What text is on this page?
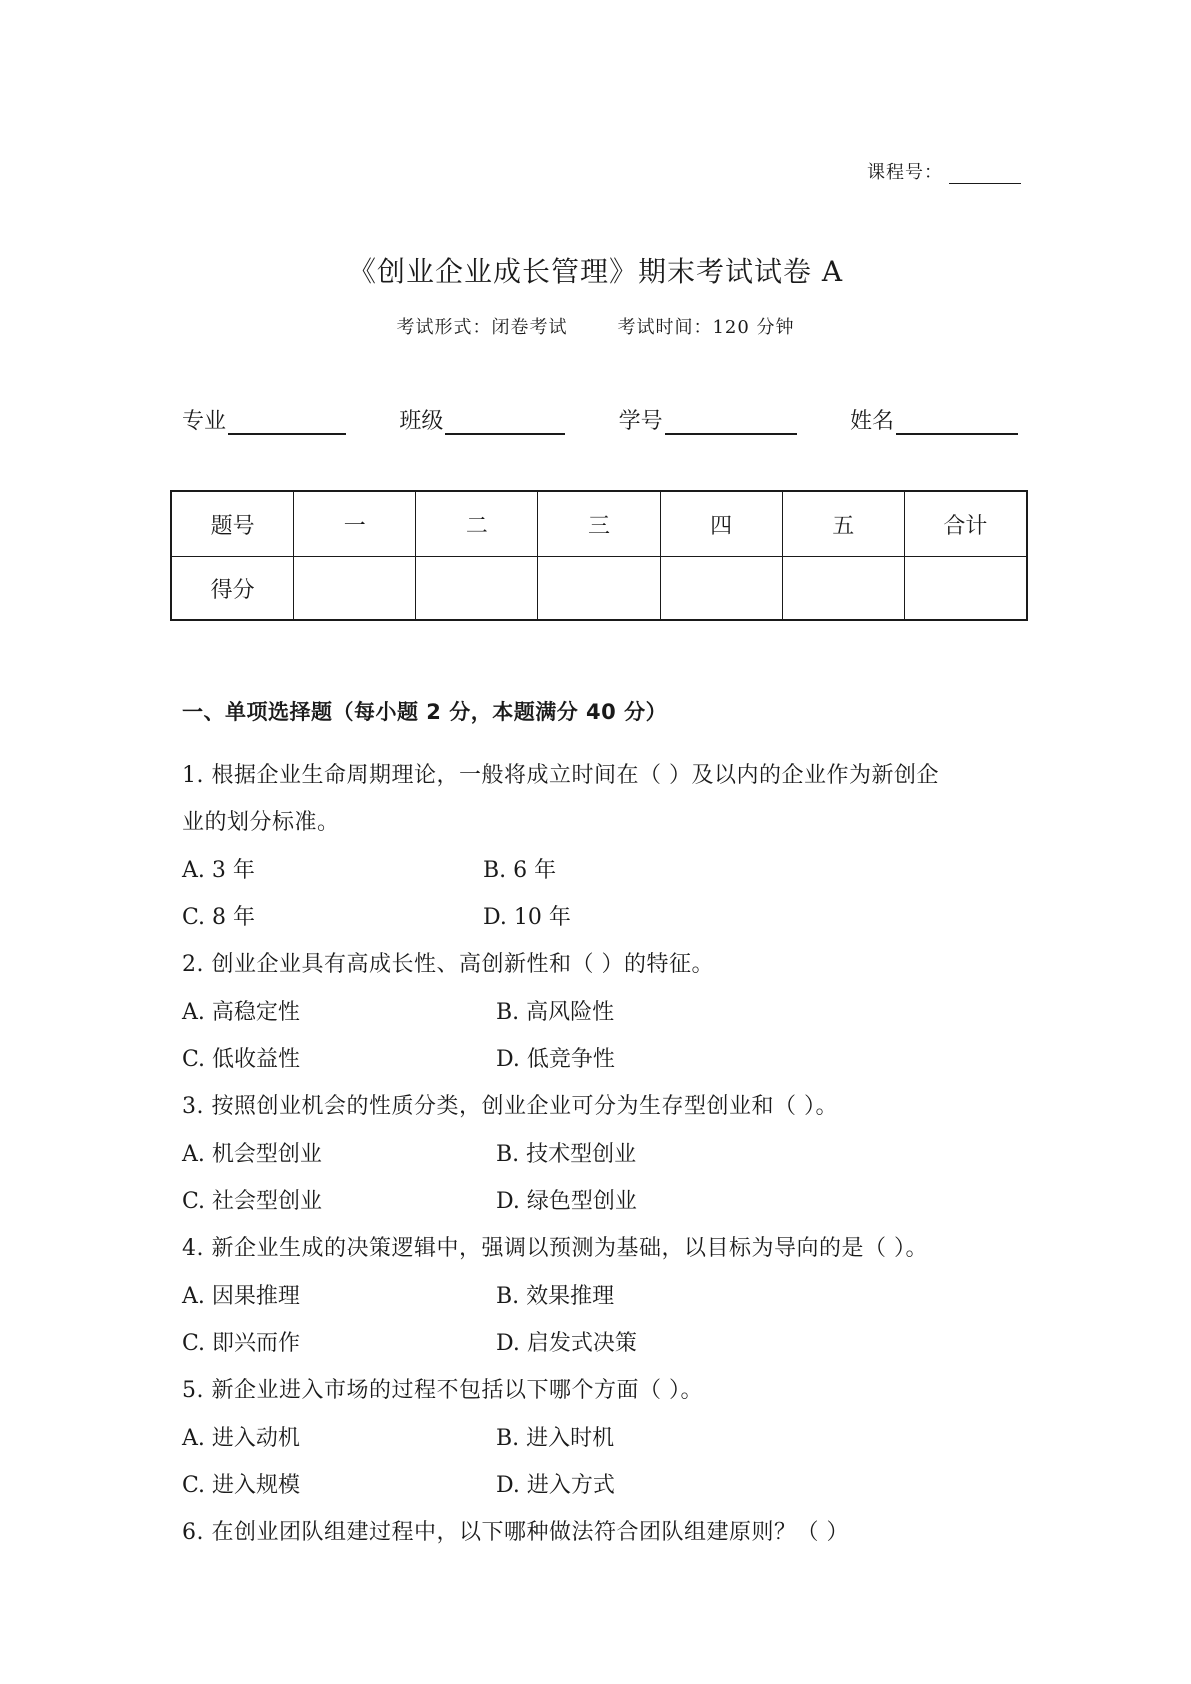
课程号：
《创业企业成长管理》期末考试试卷 A
考试形式：闭卷考试	考试时间：120 分钟
专业	班级	学号	姓名
题号	一	二	三	四	五	合计
得分						
一、单项选择题（每小题 2 分，本题满分 40 分）
1. 根据企业生命周期理论，一般将成立时间在（ ）及以内的企业作为新创企
业的划分标准。
A. 3 年	B. 6 年
C. 8 年	D. 10 年
2. 创业企业具有高成长性、高创新性和（ ）的特征。
A. 高稳定性	B. 高风险性
C. 低收益性	D. 低竞争性
3. 按照创业机会的性质分类，创业企业可分为生存型创业和（ ）。
A. 机会型创业	B. 技术型创业
C. 社会型创业	D. 绿色型创业
4. 新企业生成的决策逻辑中，强调以预测为基础，以目标为导向的是（ ）。
A. 因果推理	B. 效果推理
C. 即兴而作	D. 启发式决策
5. 新企业进入市场的过程不包括以下哪个方面（ ）。
A. 进入动机	B. 进入时机
C. 进入规模	D. 进入方式
6. 在创业团队组建过程中，以下哪种做法符合团队组建原则？（ ）
